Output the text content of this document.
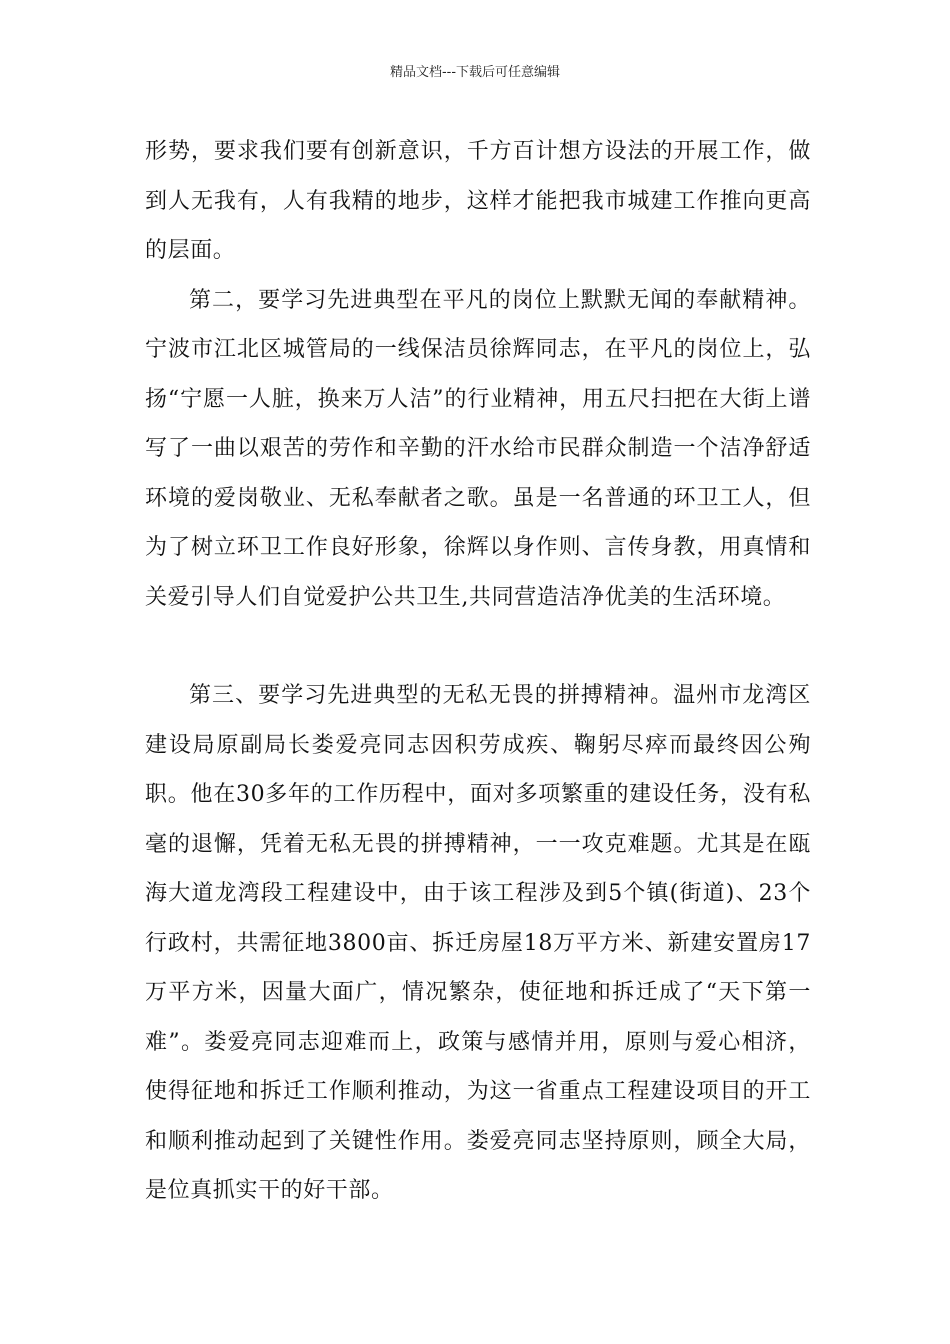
精品文档---下载后可任意编辑

形势，要求我们要有创新意识，千方百计想方设法的开展工作，做到人无我有，人有我精的地步，这样才能把我市城建工作推向更高的层面。

第二，要学习先进典型在平凡的岗位上默默无闻的奉献精神。宁波市江北区城管局的一线保洁员徐辉同志，在平凡的岗位上，弘扬“宁愿一人脏，换来万人洁”的行业精神，用五尺扫把在大街上谱写了一曲以艰苦的劳作和辛勤的汗水给市民群众制造一个洁净舒适环境的爱岗敬业、无私奉献者之歌。虽是一名普通的环卫工人，但为了树立环卫工作良好形象，徐辉以身作则、言传身教，用真情和关爱引导人们自觉爱护公共卫生,共同营造洁净优美的生活环境。

第三、要学习先进典型的无私无畏的拼搏精神。温州市龙湾区建设局原副局长娄爱亮同志因积劳成疾、鞠躬尽瘁而最终因公殉职。他在30多年的工作历程中，面对多项繁重的建设任务，没有私毫的退懈，凭着无私无畏的拼搏精神，一一攻克难题。尤其是在瓯海大道龙湾段工程建设中，由于该工程涉及到5个镇(街道)、23个行政村，共需征地3800亩、拆迁房屋18万平方米、新建安置房17万平方米，因量大面广，情况繁杂，使征地和拆迁成了“天下第一难”。娄爱亮同志迎难而上，政策与感情并用，原则与爱心相济，使得征地和拆迁工作顺利推动，为这一省重点工程建设项目的开工和顺利推动起到了关键性作用。娄爱亮同志坚持原则，顾全大局，是位真抓实干的好干部。
